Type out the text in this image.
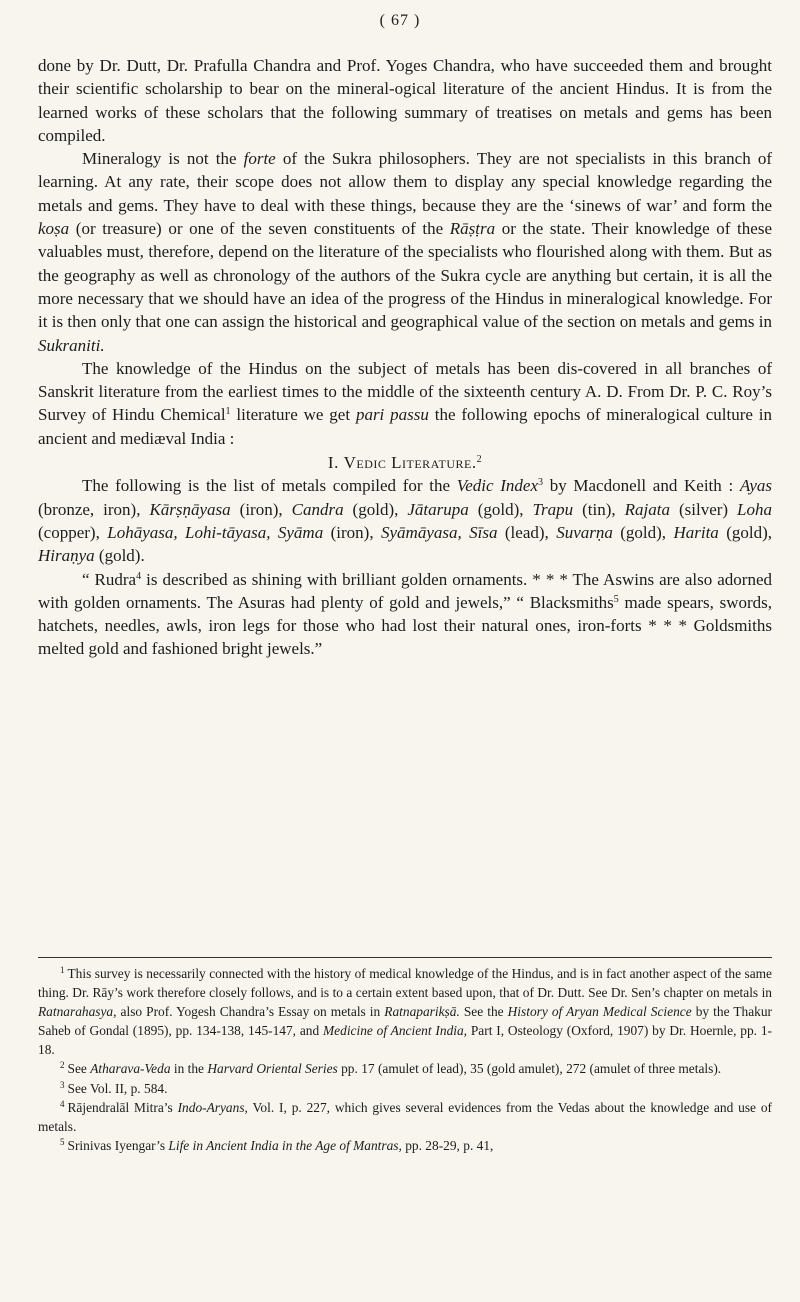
( 67 )

done by Dr. Dutt, Dr. Prafulla Chandra and Prof. Yoges Chandra, who have succeeded them and brought their scientific scholarship to bear on the mineral-ogical literature of the ancient Hindus. It is from the learned works of these scholars that the following summary of treatises on metals and gems has been compiled.

Mineralogy is not the forte of the Sukra philosophers. They are not specialists in this branch of learning. At any rate, their scope does not allow them to display any special knowledge regarding the metals and gems. They have to deal with these things, because they are the ‘sinews of war’ and form the koṣa (or treasure) or one of the seven constituents of the Rāṣṭra or the state. Their knowledge of these valuables must, therefore, depend on the literature of the specialists who flourished along with them. But as the geography as well as chronology of the authors of the Sukra cycle are anything but certain, it is all the more necessary that we should have an idea of the progress of the Hindus in mineralogical knowledge. For it is then only that one can assign the historical and geographical value of the section on metals and gems in Sukraniti.

The knowledge of the Hindus on the subject of metals has been dis-covered in all branches of Sanskrit literature from the earliest times to the middle of the sixteenth century A. D. From Dr. P. C. Roy’s Survey of Hindu Chemical$^1$ literature we get pari passu the following epochs of mineralogical culture in ancient and mediæval India :

I. Vedic Literature.$^2$

The following is the list of metals compiled for the Vedic Index$^3$ by Macdonell and Keith : Ayas (bronze, iron), Kārṣṇāyasa (iron), Candra (gold), Jātarupa (gold), Trapu (tin), Rajata (silver) Loha (copper), Lohāyasa, Lohi-tāyasa, Syāma (iron), Syāmāyasa, Sīsa (lead), Suvarṇa (gold), Harita (gold), Hiraṇya (gold).

“ Rudra$^4$ is described as shining with brilliant golden ornaments. * * * The Aswins are also adorned with golden ornaments. The Asuras had plenty of gold and jewels,” “ Blacksmiths$^5$ made spears, swords, hatchets, needles, awls, iron legs for those who had lost their natural ones, iron-forts * * * Goldsmiths melted gold and fashioned bright jewels.”

$^1$ This survey is necessarily connected with the history of medical knowledge of the Hindus, and is in fact another aspect of the same thing. Dr. Rāy’s work therefore closely follows, and is to a certain extent based upon, that of Dr. Dutt. See Dr. Sen’s chapter on metals in Ratnarahasya, also Prof. Yogesh Chandra’s Essay on metals in Ratnaparikṣā. See the History of Aryan Medical Science by the Thakur Saheb of Gondal (1895), pp. 134-138, 145-147, and Medicine of Ancient India, Part I, Osteology (Oxford, 1907) by Dr. Hoernle, pp. 1-18.

$^2$ See Atharava-Veda in the Harvard Oriental Series pp. 17 (amulet of lead), 35 (gold amulet), 272 (amulet of three metals).

$^3$ See Vol. II, p. 584.

$^4$ Rājendralāl Mitra’s Indo-Aryans, Vol. I, p. 227, which gives several evidences from the Vedas about the knowledge and use of metals.

$^5$ Srinivas Iyengar’s Life in Ancient India in the Age of Mantras, pp. 28-29, p. 41,
